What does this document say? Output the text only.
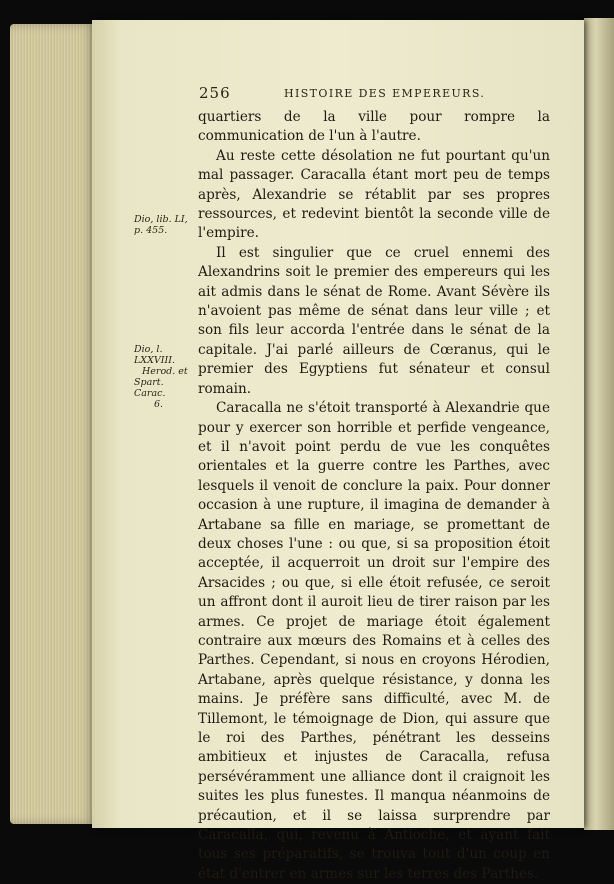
256	HISTOIRE DES EMPEREURS.
Dio, lib. LI,
p. 455.
Dio, l. LXXVIII.
Herod. et
Spart. Carac.
6.

quartiers de la ville pour rompre la communication de l'un à l'autre.

Au reste cette désolation ne fut pourtant qu'un mal passager. Caracalla étant mort peu de temps après, Alexandrie se rétablit par ses propres ressources, et redevint bientôt la seconde ville de l'empire.

Il est singulier que ce cruel ennemi des Alexandrins soit le premier des empereurs qui les ait admis dans le sénat de Rome. Avant Sévère ils n'avoient pas même de sénat dans leur ville ; et son fils leur accorda l'entrée dans le sénat de la capitale. J'ai parlé ailleurs de Cœranus, qui le premier des Egyptiens fut sénateur et consul romain.

Caracalla ne s'étoit transporté à Alexandrie que pour y exercer son horrible et perfide vengeance, et il n'avoit point perdu de vue les conquêtes orientales et la guerre contre les Parthes, avec lesquels il venoit de conclure la paix. Pour donner occasion à une rupture, il imagina de demander à Artabane sa fille en mariage, se promettant de deux choses l'une : ou que, si sa proposition étoit acceptée, il acquerroit un droit sur l'empire des Arsacides ; ou que, si elle étoit refusée, ce seroit un affront dont il auroit lieu de tirer raison par les armes. Ce projet de mariage étoit également contraire aux mœurs des Romains et à celles des Parthes. Cependant, si nous en croyons Hérodien, Artabane, après quelque résistance, y donna les mains. Je préfère sans difficulté, avec M. de Tillemont, le témoignage de Dion, qui assure que le roi des Parthes, pénétrant les desseins ambitieux et injustes de Caracalla, refusa persévéramment une alliance dont il craignoit les suites les plus funestes. Il manqua néanmoins de précaution, et il se laissa surprendre par Caracalla, qui, revenu à Antioche, et ayant fait tous ses préparatifs, se trouva tout d'un coup en état d'entrer en armes sur les terres des Parthes.
